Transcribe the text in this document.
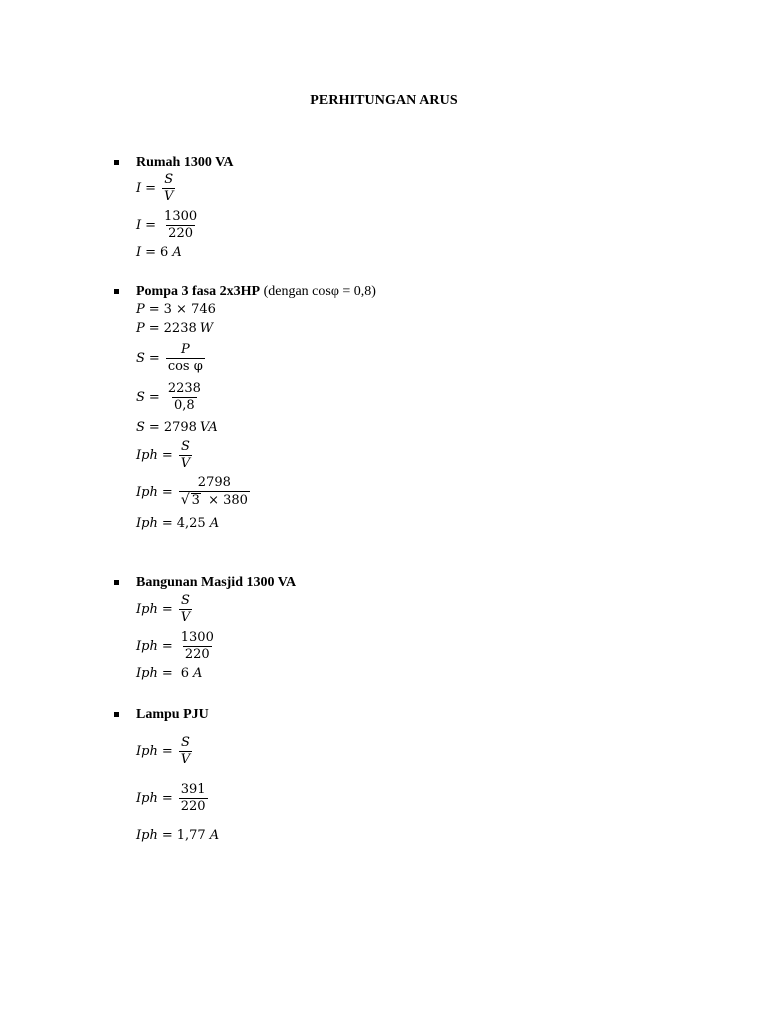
PERHITUNGAN ARUS
Rumah 1300 VA
$I = \frac{S}{V}$
$I = \frac{1300}{220}$
I = 6 A
Pompa 3 fasa 2x3HP (dengan cosφ = 0,8)
P = 3 × 746
P = 2238 W
$S = \frac{P}{\text{cos φ}}$
$S = \frac{2238}{0,8}$
S = 2798 VA
Iph = $\frac{S}{V}$
Iph = $\frac{2798}{√ 3 \times 380}$
Iph = 4,25 A
Bangunan Masjid 1300 VA
Iph = $\frac{S}{V}$
Iph = $\frac{1300}{220}$
Iph = 6 A
Lampu PJU
Iph = $\frac{S}{V}$
Iph = $\frac{391}{220}$
Iph = 1,77 A
